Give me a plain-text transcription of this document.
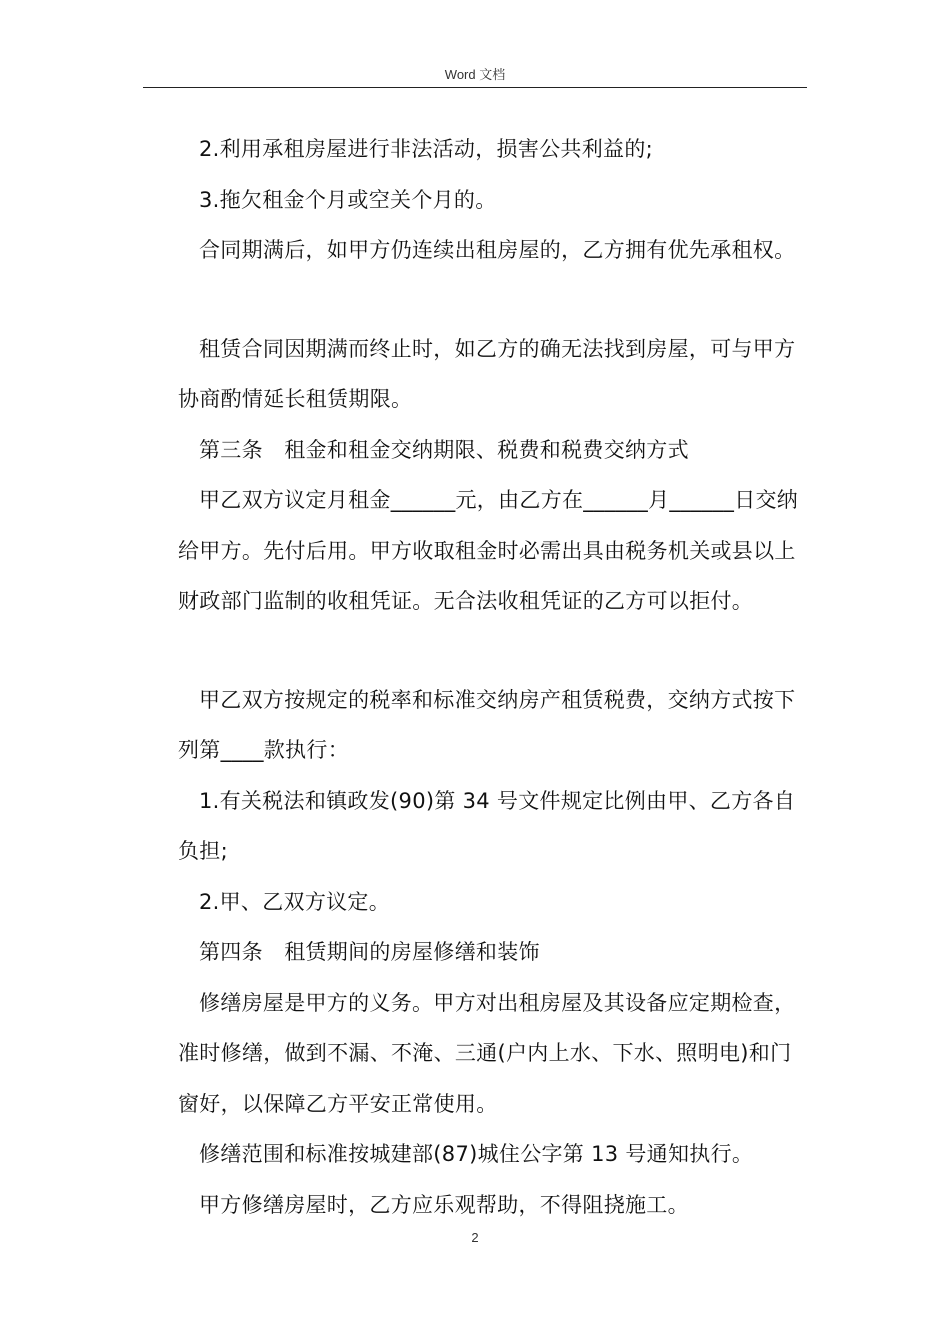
Word 文档

2.利用承租房屋进行非法活动，损害公共利益的;

3.拖欠租金个月或空关个月的。

合同期满后，如甲方仍连续出租房屋的，乙方拥有优先承租权。

租赁合同因期满而终止时，如乙方的确无法找到房屋，可与甲方协商酌情延长租赁期限。

第三条　租金和租金交纳期限、税费和税费交纳方式

甲乙双方议定月租金______元，由乙方在______月______日交纳给甲方。先付后用。甲方收取租金时必需出具由税务机关或县以上财政部门监制的收租凭证。无合法收租凭证的乙方可以拒付。

甲乙双方按规定的税率和标准交纳房产租赁税费，交纳方式按下列第____款执行：

1.有关税法和镇政发(90)第 34 号文件规定比例由甲、乙方各自负担;

2.甲、乙双方议定。

第四条　租赁期间的房屋修缮和装饰

修缮房屋是甲方的义务。甲方对出租房屋及其设备应定期检查，准时修缮，做到不漏、不淹、三通(户内上水、下水、照明电)和门窗好，以保障乙方平安正常使用。

修缮范围和标准按城建部(87)城住公字第 13 号通知执行。

甲方修缮房屋时，乙方应乐观帮助，不得阻挠施工。

2
